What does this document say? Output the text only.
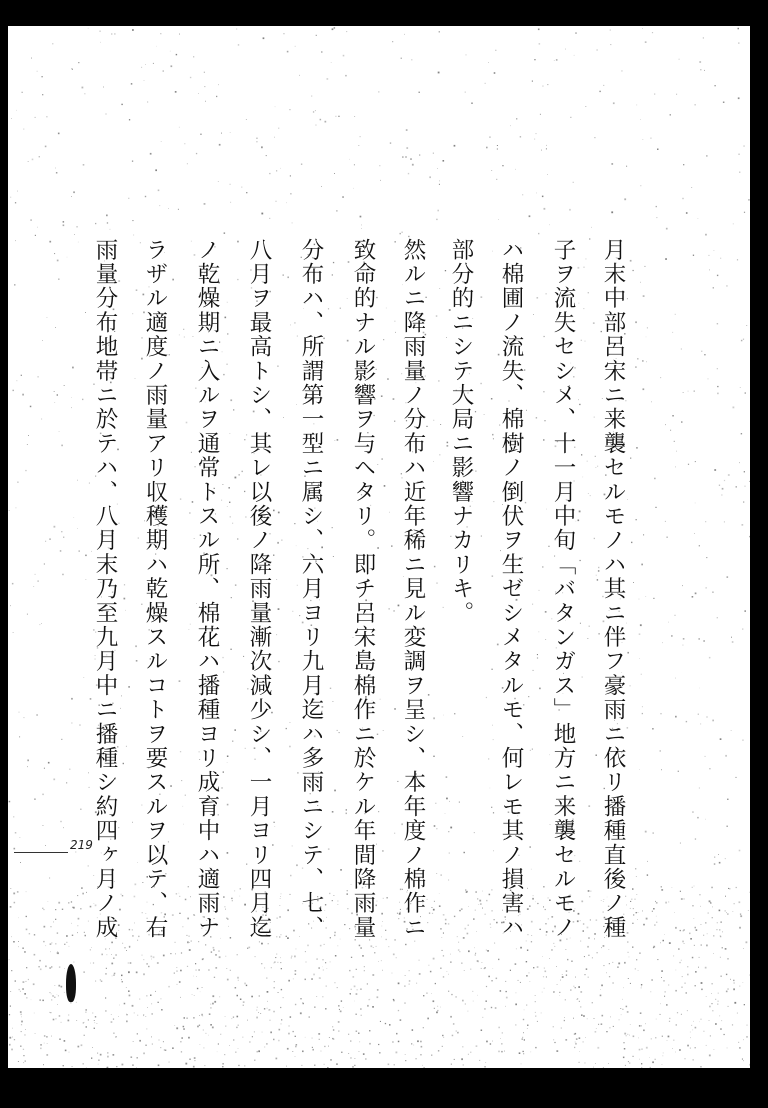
月末中部呂宋ニ来襲セルモノハ其ニ伴フ豪雨ニ依リ播種直後ノ種
子ヲ流失セシメ、十一月中旬「バタンガス」地方ニ来襲セルモノ
ハ棉圃ノ流失、棉樹ノ倒伏ヲ生ゼシメタルモ、何レモ其ノ損害ハ
部分的ニシテ大局ニ影響ナカリキ。
然ルニ降雨量ノ分布ハ近年稀ニ見ル変調ヲ呈シ、本年度ノ棉作ニ
致命的ナル影響ヲ与ヘタリ。即チ呂宋島棉作ニ於ケル年間降雨量
分布ハ、所謂第一型ニ属シ、六月ヨリ九月迄ハ多雨ニシテ、七、
八月ヲ最高トシ、其レ以後ノ降雨量漸次減少シ、一月ヨリ四月迄
ノ乾燥期ニ入ルヲ通常トスル所、棉花ハ播種ヨリ成育中ハ適雨ナ
ラザル適度ノ雨量アリ収穫期ハ乾燥スルコトヲ要スルヲ以テ、右
雨量分布地帯ニ於テハ、八月末乃至九月中ニ播種シ約四ヶ月ノ成
219
